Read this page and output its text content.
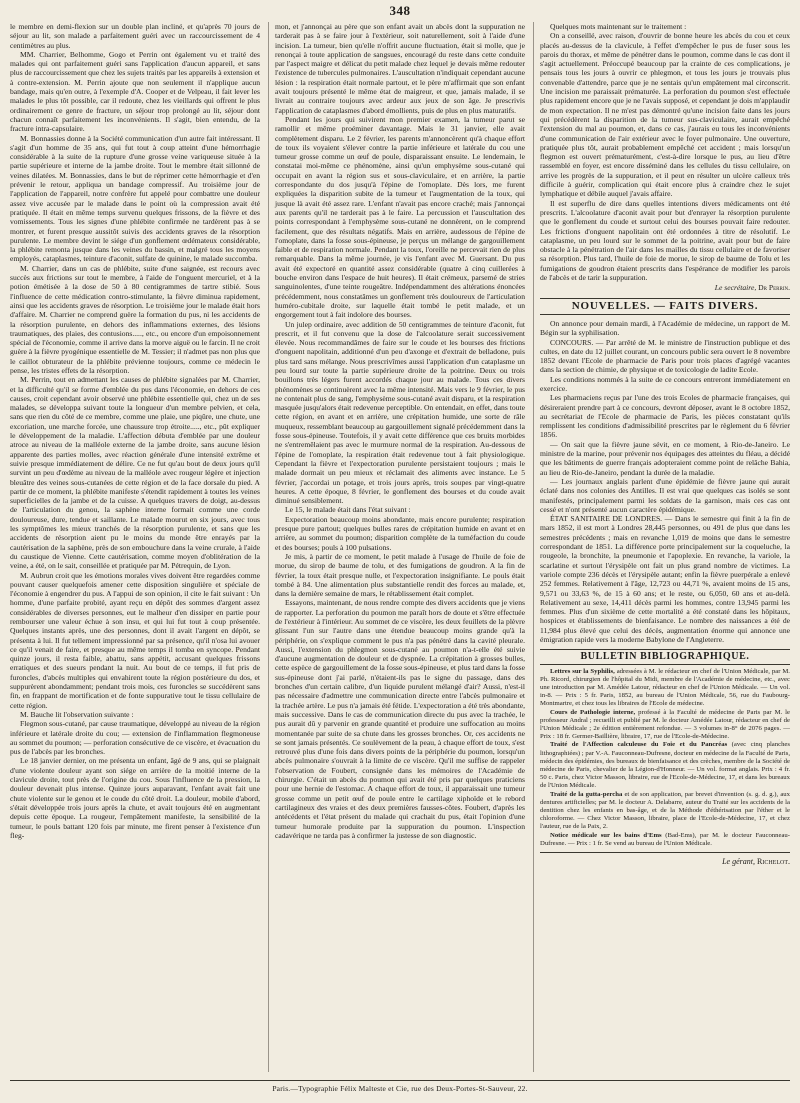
348

le membre en demi-flexion sur un double plan incliné, et qu'après 70 jours de séjour au lit, son malade a parfaitement guéri avec un raccourcissement de 4 centimètres au plus.

MM. Charrier, Belhomme, Gogo et Perrin ont également vu et traité des malades qui ont parfaitement guéri sans l'application d'aucun appareil, et sans plus de raccourcissement que chez les sujets traités par les appareils à extension et à contre-extension. M. Perrin ajoute que non seulement il n'applique aucun bandage, mais qu'en outre, à l'exemple d'A. Cooper et de Velpeau, il fait lever les malades le plus tôt possible, car il redoute, chez les vieillards qui offrent le plus ordinairement ce genre de fracture, un séjour trop prolongé au lit, séjour dont chacun connaît parfaitement les inconvénients. Il s'agit, bien entendu, de la fracture intra-capsulaire.

M. Bonnassies donne à la Société communication d'un autre fait intéressant. Il s'agit d'un homme de 35 ans, qui fut tout à coup atteint d'une hémorrhagie considérable à la suite de la rupture d'une grosse veine variqueuse située à la partie supérieure et interne de la jambe droite. Tout le membre était sillonné de veines dilatées. M. Bonnassies, dans le but de réprimer cette hémorrhagie et d'en prévenir le retour, appliqua un bandage compressif. Au troisième jour de l'application de l'appareil, notre confrère fut appelé pour combattre une douleur assez vive accusée par le malade dans le point où la compression avait été pratiquée. Il était en même temps survenu quelques frissons, de la fièvre et des vomissements. Tous les signes d'une phlébite confirmée ne tardèrent pas à se montrer, et furent presque aussitôt suivis des accidents graves de la résorption purulente. Le membre devint le siége d'un gonflement œdémateux considérable, la phlébite remonta jusque dans les veines du bassin, et malgré tous les moyens employés, cataplasmes, teinture d'aconit, sulfate de quinine, le malade succomba.

M. Charrier, dans un cas de phlébite, suite d'une saignée, est recours avec succès aux frictions sur tout le membre, à l'aide de l'onguent mercuriel, et à la potion émétisée à la dose de 50 à 80 centigrammes de tartre stibié. Sous l'influence de cette médication contro-stimulante, la fièvre diminua rapidement, ainsi que les accidents graves de résorption. Le troisième jour le malade était hors d'affaire. M. Charrier ne comprend guère la formation du pus, ni les accidents de la résorption purulente, en dehors des inflammations externes, des lésions traumatiques, des plaies, des contusions....., etc., ou encore d'un empoisonnement spécial de l'économie, comme il arrive dans la morve aiguë ou le farcin. Il ne croit guère à la fièvre pyogénique essentielle de M. Tessier; il n'admet pas non plus que le caillot obturateur de la phlébite prévienne toujours, comme ce médecin le pense, les tristes effets de la résorption.

M. Perrin, tout en admettant les causes de phlébite signalées par M. Charrier, et la difficulté qu'il se forme d'emblée du pus dans l'économie, en dehors de ces causes, croit cependant avoir observé une phlébite essentielle qui, chez un de ses malades, se développa suivant toute la longueur d'un membre pelvien, et cela, sans que rien du côté de ce membre, comme une plaie, une piqûre, une chute, une excoriation, une marche forcée, une chaussure trop étroite....., etc., pût expliquer le développement de la maladie. L'affection débuta d'emblée par une douleur atroce au niveau de la malléole externe de la jambe droite, sans aucune lésion apparente des parties molles, avec réaction générale d'une intensité extrême et suivie presque immédiatement de délire. Ce ne fut qu'au bout de deux jours qu'il survint un peu d'œdème au niveau de la malléole avec rougeur légère et injection bleuâtre des veines sous-cutanées de cette région et de la face dorsale du pied. A partir de ce moment, la phlébite manifeste s'étendit rapidement à toutes les veines superficielles de la jambe et de la cuisse. A quelques travers de doigt, au-dessus de l'articulation du genou, la saphène interne formait comme une corde douloureuse, dure, tendue et saillante. Le malade mourut en six jours, avec tous les symptômes les mieux tranchés de la résorption purulente, et sans que les accidents de résorption aient pu le moins du monde être enrayés par la cautérisation de la saphène, près de son embouchure dans la veine crurale, à l'aide du caustique de Vienne. Cette cautérisation, comme moyen d'oblitération de la veine, a été, on le sait, conseillée et pratiquée par M. Pétrequin, de Lyon.

M. Aubrun croit que les émotions morales vives doivent être regardées comme pouvant causer quelquefois amener cette disposition singulière et spéciale de l'économie à engendrer du pus. A l'appui de son opinion, il cite le fait suivant : Un homme, d'une parfaite probité, ayant reçu en dépôt des sommes d'argent assez considérables de diverses personnes, eut le malheur d'en dissiper en partie pour rembourser une valeur échue à son insu, et qui lui fut tout à coup présentée. Quelques instants après, une des personnes, dont il avait l'argent en dépôt, se présenta à lui. Il fut tellement impressionné par sa présence, qu'il n'osa lui avouer ce qu'il venait de faire, et presque au même temps il tomba en syncope. Pendant quinze jours, il resta faible, abattu, sans appétit, accusant quelques frissons erratiques et des sueurs pendant la nuit. Au bout de ce temps, il fut pris de furoncles, d'abcès multiples qui envahirent toute la région postérieure du dos, et suppurèrent abondamment; pendant trois mois, ces furoncles se succédèrent sans fin, en frappant de mortification et de fonte suppurative tout le tissu cellulaire de cette région.

M. Bauche lit l'observation suivante :

Flegmon sous-cutané, par cause traumatique, développé au niveau de la région inférieure et latérale droite du cou; — extension de l'inflammation flegmoneuse au sommet du poumon; — perforation consécutive de ce viscère, et évacuation du pus de l'abcès par les bronches.

Le 18 janvier dernier, on me présenta un enfant, âgé de 9 ans, qui se plaignait d'une violente douleur ayant son siége en arrière de la moitié interne de la clavicule droite, tout près de l'origine du cou. Sous l'influence de la pression, la douleur devenait plus intense. Quinze jours auparavant, l'enfant avait fait une chute violente sur le genou et le coude du côté droit. La douleur, mobile d'abord, s'était développée trois jours après la chute, et avait toujours été en augmentant depuis cette époque. La rougeur, l'empâtement manifeste, la sensibilité de la tumeur, le pouls battant 120 fois par minute, me firent penser à l'existence d'un fleg-

mon, et j'annonçai au père que son enfant avait un abcès dont la suppuration ne tarderait pas à se faire jour à l'extérieur, soit naturellement, soit à l'aide d'une incision. La tumeur, bien qu'elle n'offrit aucune fluctuation, était si molle, que je renonçai à toute application de sangsues, encouragé du reste dans cette conduite par l'aspect maigre et délicat du petit malade chez lequel je devais même redouter l'existence de tubercules pulmonaires. L'auscultation n'indiquait cependant aucune lésion : la respiration était normale partout, et le père m'affirmait que son enfant avait toujours présenté le même état de maigreur, et que, jamais malade, il se livrait au contraire toujours avec ardeur aux jeux de son âge. Je prescrivis l'application de cataplasmes d'abord émollients, puis de plus en plus maturatifs.

Pendant les jours qui suivirent mon premier examen, la tumeur parut se ramollir et même proéminer davantage. Mais le 31 janvier, elle avait complètement disparu. Le 2 février, les parents m'annoncèrent qu'à chaque effort de toux ils voyaient s'élever contre la partie inférieure et latérale du cou une tumeur grosse comme un œuf de poule, disparaissant ensuite. Le lendemain, le constatai moi-même ce phénomène, ainsi qu'un emphysème sous-cutané qui occupait en avant la région sus et sous-claviculaire, et en arrière, la partie correspondante du dos jusqu'à l'épine de l'omoplate. Dès lors, me furent expliquées la disparition subite de la tumeur et l'augmentation de la toux, qui jusque là avait été assez rare. L'enfant n'avait pas encore craché; mais j'annonçai aux parents qu'il ne tarderait pas à le faire. La percussion et l'auscultation des points correspondant à l'emphysème sous-cutané ne donnèrent, on le comprend facilement, que des résultats négatifs. Mais en arrière, audessous de l'épine de l'omoplate, dans la fosse sous-épineuse, je perçus un mélange de gargouillement faible et de respiration normale. Pendant la toux, l'oreille ne percevait rien de plus remarquable. Dans la même journée, je vis l'enfant avec M. Guersant. Du pus avait été expectoré en quantité assez considérable (quatre à cinq cuillerées à bouche environ dans l'espace de huit heures). Il était crémeux, parsemé de stries sanguinolentes, d'une teinte rougeâtre. Indépendamment des altérations énoncées précédemment, nous constatâmes un gonflement très douloureux de l'articulation huméro-cubitale droite, sur laquelle était tombé le petit malade, et un engorgement tout à fait indolore des bourses.

Un julep ordinaire, avec addition de 50 centigrammes de teinture d'aconit, fut prescrit, et il fut convenu que la dose de l'alcoolature serait successivement élevée. Nous recommandâmes de faire sur le coude et les bourses des frictions d'onguent napolitain, additionné d'un peu d'axonge et d'extrait de belladone, puis plus tard sans mélange. Nous prescrivîmes aussi l'application d'un cataplasme un peu lourd sur toute la partie supérieure droite de la poitrine. Deux ou trois bouillons très légers furent accordés chaque jour au malade. Tous ces divers phénomènes se continuèrent avec la même intensité. Mais vers le 9 février, le pus ne contenait plus de sang, l'emphysème sous-cutané avait disparu, et la respiration masquée jusqu'alors était redevenue perceptible. On entendait, en effet, dans toute cette région, en avant et en arrière, une crépitation humide, une sorte de râle muqueux, ressemblant beaucoup au gargouillement signalé précédemment dans la fosse sous-épineuse. Toutefois, il y avait cette différence que ces bruits morbides ne s'entremêlaient pas avec le murmure normal de la respiration. Au-dessous de l'épine de l'omoplate, la respiration était redevenue tout à fait physiologique. Cependant la fièvre et l'expectoration purulente persistaient toujours ; mais le malade dormait un peu mieux et réclamait des aliments avec instance. Le 5 février, j'accordai un potage, et trois jours après, trois soupes par vingt-quatre heures. A cette époque, 8 février, le gonflement des bourses et du coude avait diminué sensiblement.

Le 15, le malade était dans l'état suivant :

Expectoration beaucoup moins abondante, mais encore purulente; respiration presque pure partout; quelques bulles rares de crépitation humide en avant et en arrière, au sommet du poumon; disparition complète de la tuméfaction du coude et des bourses; pouls à 100 pulsations.

Je mis, à partir de ce moment, le petit malade à l'usage de l'huile de foie de morue, du sirop de baume de tolu, et des fumigations de goudron. A la fin de février, la toux était presque nulle, et l'expectoration insignifiante. Le pouls était tombé à 84. Une alimentation plus substantielle rendit des forces au malade, et, dans la dernière semaine de mars, le rétablissement était complet.

Essayons, maintenant, de nous rendre compte des divers accidents que je viens de rapporter. La perforation du poumon me paraît hors de doute et s'être effectuée de l'extérieur à l'intérieur. Au sommet de ce viscère, les deux feuillets de la plèvre glissant l'un sur l'autre dans une étendue beaucoup moins grande qu'à la périphérie, on s'explique comment le pus n'a pas pénétré dans la cavité pleurale. Aussi, l'extension du phlegmon sous-cutané au poumon n'a-t-elle été suivie d'aucune augmentation de douleur et de dyspnée. La crépitation à grosses bulles, cette espèce de gargouillement de la fosse sous-épineuse, et plus tard dans la fosse sus-épineuse dont j'ai parlé, n'étaient-ils pas le signe du passage, dans des bronches d'un certain calibre, d'un liquide purulent mélangé d'air? Aussi, n'est-il pas nécessaire d'admettre une communication directe entre l'abcès pulmonaire et la trachée artère. Le pus n'a jamais été fétide. L'expectoration a été très abondante, mais successive. Dans le cas de communication directe du pus avec la trachée, le pus aurait dû y parvenir en grande quantité et produire une suffocation au moins momentanée par suite de sa chute dans les grosses bronches. Or, ces accidents ne se sont jamais présentés. Ce soulèvement de la peau, à chaque effort de toux, s'est retrouvé plus d'une fois dans divers points de la périphérie du poumon, lorsqu'un abcès pulmonaire s'ouvrait à la limite de ce viscère. Qu'il me suffise de rappeler l'observation de Foubert, consignée dans les mémoires de l'Académie de chirurgie. C'était un abcès du poumon qui avait été pris par quelques praticiens pour une hernie de l'estomac. A chaque effort de toux, il apparaissait une tumeur grosse comme un petit œuf de poule entre le cartilage xiphoïde et le rebord cartilagineux des vraies et des deux premières fausses-côtes. Foubert, d'après les antécédents et l'état présent du malade qui crachait du pus, était l'opinion d'une tumeur humorale produite par la suppuration du poumon. L'inspection cadavérique ne tarda pas à confirmer la justesse de son diagnostic.

Quelques mots maintenant sur le traitement :

On a conseillé, avec raison, d'ouvrir de bonne heure les abcès du cou et ceux placés au-dessus de la clavicule, à l'effet d'empêcher le pus de fuser sous les parois du thorax, et même de pénétrer dans le poumon, comme dans le cas dont il s'agit actuellement. Préoccupé beaucoup par la crainte de ces complications, je pensais tous les jours à ouvrir ce phlegmon, et tous les jours je trouvais plus convenable d'attendre, parce que je ne sentais qu'un empâtement mal circonscrit. Une incision me paraissait prématurée. La perforation du poumon s'est effectuée plus rapidement encore que je ne l'avais supposé, et cependant je dois m'applaudir de mon expectation. Il ne m'est pas démontré qu'une incision faite dans les jours qui précédèrent la disparition de la tumeur sus-claviculaire, aurait empêché l'extension du mal au poumon, et, dans ce cas, j'aurais eu tous les inconvénients d'une communication de l'air extérieur avec le foyer pulmonaire. Une ouverture, pratiquée plus tôt, aurait probablement empêché cet accident ; mais lorsqu'un flegmon est ouvert prématurément, c'est-à-dire lorsque le pus, au lieu d'être rassemblé en foyer, est encore disséminé dans les cellules du tissu cellulaire, on arrive les progrès de la suppuration, et il peut en résulter un ulcère calleux très difficile à guérir, complication qui était encore plus à craindre chez le sujet lymphatique et débile auquel j'avais affaire.

Il est superflu de dire dans quelles intentions divers médicaments ont été prescrits. L'alcoolature d'aconit avait pour but d'enrayer la résorption purulente que le gonflement du coude et surtout celui des bourses pouvait faire redouter. Les frictions d'onguent napolitain ont été ordonnées à titre de résolutif. Le cataplasme, un peu lourd sur le sommet de la poitrine, avait pour but de faire obstacle à la pénétration de l'air dans les mailles du tissu cellulaire et de favoriser sa résorption. Plus tard, l'huile de foie de morue, le sirop de baume de Tolu et les fumigations de goudron étaient prescrits dans l'espérance de modifier les parois de l'abcès et de tarir la suppuration.

Le secrétaire, Dr Perrin.
NOUVELLES. — FAITS DIVERS.

On annonce pour demain mardi, à l'Académie de médecine, un rapport de M. Bégin sur la syphilisation.

CONCOURS. — Par arrêté de M. le ministre de l'instruction publique et des cultes, en date du 12 juillet courant, un concours public sera ouvert le 8 novembre 1852 devant l'Ecole de pharmacie de Paris pour trois places d'agrégé vacantes dans la section de chimie, de physique et de toxicologie de ladite Ecole.

Les conditions nommés à la suite de ce concours entreront immédiatement en exercice.

Les pharmaciens reçus par l'une des trois Ecoles de pharmacie françaises, qui désireraient prendre part à ce concours, devront déposer, avant le 8 octobre 1852, au secrétariat de l'Ecole de pharmacie de Paris, les pièces constatant qu'ils remplissent les conditions d'admissibilité prescrites par le règlement du 6 février 1856.

— On sait que la fièvre jaune sévit, en ce moment, à Rio-de-Janeiro. Le ministre de la marine, pour prévenir nos équipages des atteintes du fléau, a décidé que les bâtiments de guerre français adopteraient comme point de relâche Bahia, au lieu de Rio-de-Janeiro, pendant la durée de la maladie.

— Les journaux anglais parlent d'une épidémie de fièvre jaune qui aurait éclaté dans nos colonies des Antilles. Il est vrai que quelques cas isolés se sont manifestés, principalement parmi les soldats de la garnison, mais ces cas ont cessé et n'ont présenté aucun caractère épidémique.

ÉTAT SANITAIRE DE LONDRES. — Dans le semestre qui finit à la fin de mars 1852, il est mort à Londres 28,445 personnes, ou 491 de plus que dans les semestres précédents ; mais en revanche 1,019 de moins que dans le semestre correspondant de 1851. La différence porte principalement sur la coqueluche, la rougeole, la bronchite, la pneumonie et l'apoplexie. En revanche, la variole, la scarlatine et surtout l'érysipèle ont fait un plus grand nombre de victimes. La variole compte 236 décès et l'érysipèle autant; enfin la fièvre puerpérale a enlevé 252 femmes. Relativement à l'âge, 12,723 ou 44,71 %, avaient moins de 15 ans, 9,571 ou 33,63 %, de 15 à 60 ans; et le reste, ou 6,050, 60 ans et au-delà. Relativement au sexe, 14,411 décès parmi les hommes, contre 13,945 parmi les femmes. Plus d'un sixième de cette mortalité a été constaté dans les hôpitaux, hospices et établissements de bienfaisance. Le nombre des naissances a été de 11,984 plus élevé que celui des décès, augmentation énorme qui annonce une émigration rapide vers la moderne Babylone de l'Angleterre.

BULLETIN BIBLIOGRAPHIQUE.

Lettres sur la Syphilis, adressées à M. le rédacteur en chef de l'Union Médicale, par M. Ph. Ricord, chirurgien de l'hôpital du Midi, membre de l'Académie de médecine, etc., avec une introduction par M. Amédée Latour, rédacteur en chef de l'Union Médicale. — Un vol. in-8. — Prix : 5 fr. Paris, 1852, au bureau de l'Union Médicale, 56, rue du Faubourg-Montmartre, et chez tous les libraires de l'Ecole de médecine.

Cours de Pathologie interne, professé à la Faculté de médecine de Paris par M. le professeur Andral ; recueilli et publié par M. le docteur Amédée Latour, rédacteur en chef de l'Union Médicale ; 2e édition entièrement refondue. — 3 volumes in-8° de 2076 pages. — Prix : 18 fr. Germer-Baillière, libraire, 17, rue de l'Ecole-de-Médecine.

Traité de l'Affection calculeuse du Foie et du Pancréas (avec cinq planches lithographiées) ; par V.-A. Fauconneau-Dufresne, docteur en médecine de la Faculté de Paris, médecin des épidémies, des bureaux de bienfaisance et des crèches, membre de la Société de médecine de Paris, chevalier de la Légion-d'Honneur. — Un vol. format anglais. Prix : 4 fr. 50 c. Paris, chez Victor Masson, libraire, rue de l'Ecole-de-Médecine, 17, et dans les bureaux de l'Union Médicale.

Traité de la gutta-percha et de son application, par brevet d'invention (s. g. d. g.), aux dentures artificielles; par M. le docteur A. Delabarre, auteur du Traité sur les accidents de la dentition chez les enfants en bas-âge, et de la Méthode d'éthérisation par l'éther et le chloroforme. — Chez Victor Masson, libraire, place de l'Ecole-de-Médecine, 17, et chez l'auteur, rue de la Paix, 2.

Notice médicale sur les bains d'Ems (Bad-Ems), par M. le docteur Fauconneau-Dufresne. — Prix : 1 fr. Se vend au bureau de l'Union Médicale.

Le gérant, Richelot.
Paris.—Typographie Félix Malteste et Cie, rue des Deux-Portes-St-Sauveur, 22.
